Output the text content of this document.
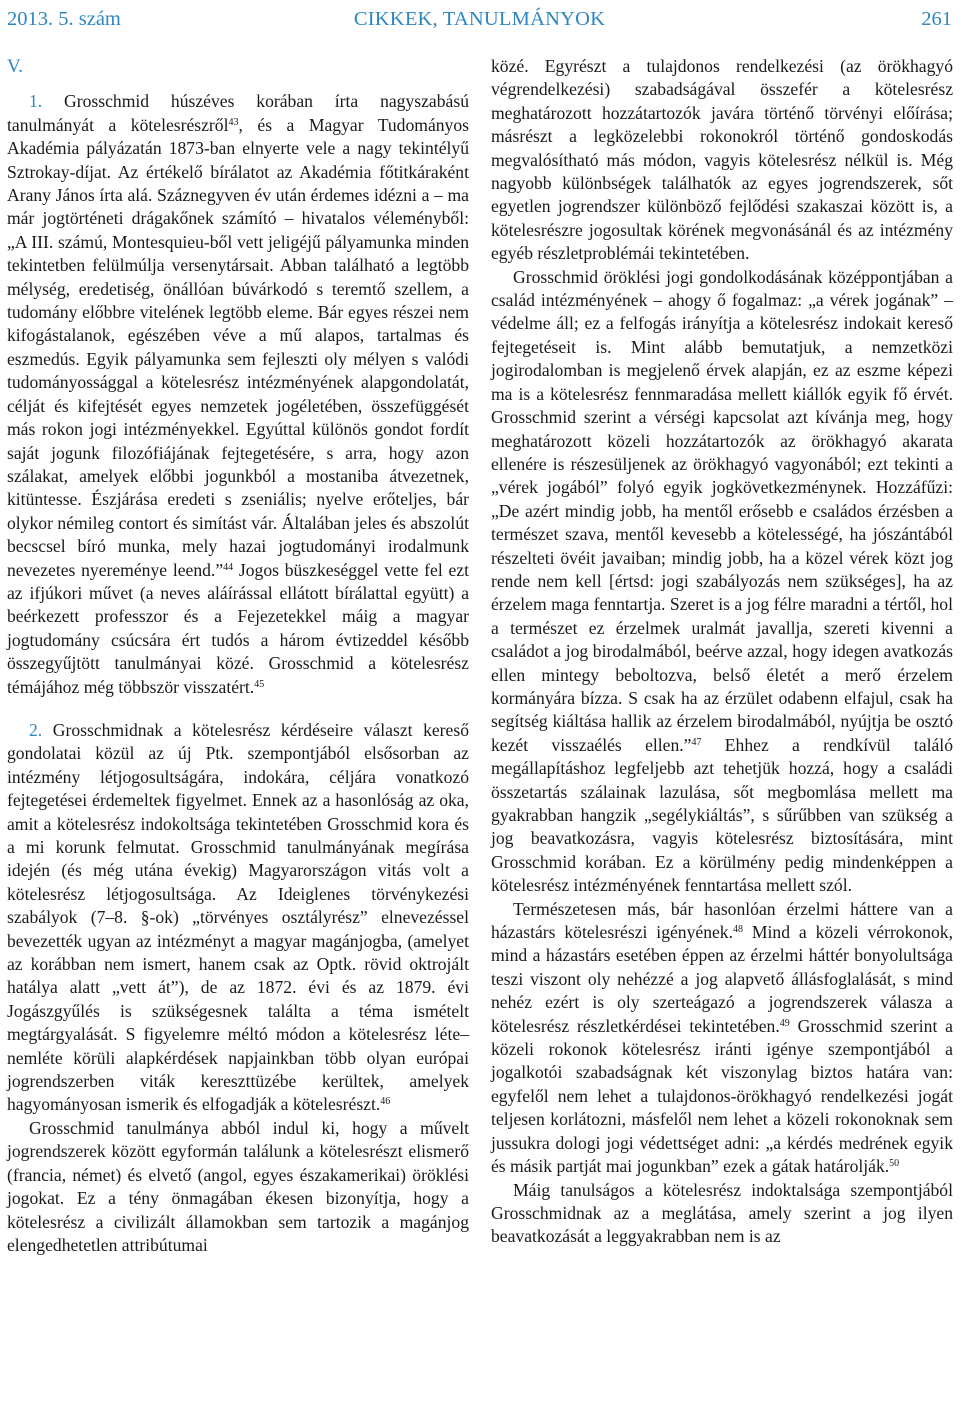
2013. 5. szám	CIKKEK, TANULMÁNYOK	261

V.

1. Grosschmid húszéves korában írta nagyszabású tanulmányát a kötelesrészről$^{43}$, és a Magyar Tudományos Akadémia pályázatán 1873-ban elnyerte vele a nagy tekintélyű Sztrokay-díjat. Az értékelő bírálatot az Akadémia főtitkáraként Arany János írta alá. Száznegyven év után érdemes idézni a – ma már jogtörténeti drágakőnek számító – hivatalos véleményből: „A III. számú, Montesquieu-ből vett jeligéjű pályamunka minden tekintetben felülmúlja versenytársait. Abban található a legtöbb mélység, eredetiség, önállóan búvárkodó s teremtő szellem, a tudomány előbbre vitelének legtöbb eleme. Bár egyes részei nem kifogástalanok, egészében véve a mű alapos, tartalmas és eszmedús. Egyik pályamunka sem fejleszti oly mélyen s valódi tudományossággal a kötelesrész intézményének alapgondolatát, célját és kifejtését egyes nemzetek jogéletében, összefüggését más rokon jogi intézményekkel. Egyúttal különös gondot fordít saját jogunk filozófiájának fejtegetésére, s arra, hogy azon szálakat, amelyek előbbi jogunkból a mostaniba átvezetnek, kitüntesse. Észjárása eredeti s zseniális; nyelve erőteljes, bár olykor némileg contort és simítást vár. Általában jeles és abszolút becscsel bíró munka, mely hazai jogtudományi irodalmunk nevezetes nyereménye leend.”$^{44}$ Jogos büszkeséggel vette fel ezt az ifjúkori művet (a neves aláírással ellátott bírálattal együtt) a beérkezett professzor és a Fejezetekkel máig a magyar jogtudomány csúcsára ért tudós a három évtizeddel később összegyűjtött tanulmányai közé. Grosschmid a kötelesrész témájához még többször visszatért.$^{45}$

2. Grosschmidnak a kötelesrész kérdéseire választ kereső gondolatai közül az új Ptk. szempontjából elsősorban az intézmény létjogosultságára, indokára, céljára vonatkozó fejtegetései érdemeltek figyelmet. Ennek az a hasonlóság az oka, amit a kötelesrész indokoltsága tekintetében Grosschmid kora és a mi korunk felmutat. Grosschmid tanulmányának megírása idején (és még utána évekig) Magyarországon vitás volt a kötelesrész létjogosultsága. Az Ideiglenes törvénykezési szabályok (7–8. §-ok) „törvényes osztályrész” elnevezéssel bevezették ugyan az intézményt a magyar magánjogba, (amelyet az korábban nem ismert, hanem csak az Optk. rövid oktrojált hatálya alatt „vett át”), de az 1872. évi és az 1879. évi Jogászgyűlés is szükségesnek találta a téma ismételt megtárgyalását. S figyelemre méltó módon a kötelesrész léte–nemléte körüli alapkérdések napjainkban több olyan európai jogrendszerben viták kereszttüzébe kerültek, amelyek hagyományosan ismerik és elfogadják a kötelesrészt.$^{46}$

Grosschmid tanulmánya abból indul ki, hogy a művelt jogrendszerek között egyformán találunk a kötelesrészt elismerő (francia, német) és elvető (angol, egyes északamerikai) öröklési jogokat. Ez a tény önmagában ékesen bizonyítja, hogy a kötelesrész a civilizált államokban sem tartozik a magánjog elengedhetetlen attribútumai

közé. Egyrészt a tulajdonos rendelkezési (az örökhagyó végrendelkezési) szabadságával összefér a kötelesrész meghatározott hozzátartozók javára történő törvényi előírása; másrészt a legközelebbi rokonokról történő gondoskodás megvalósítható más módon, vagyis kötelesrész nélkül is. Még nagyobb különbségek találhatók az egyes jogrendszerek, sőt egyetlen jogrendszer különböző fejlődési szakaszai között is, a kötelesrészre jogosultak körének megvonásánál és az intézmény egyéb részletproblémái tekintetében.

Grosschmid öröklési jogi gondolkodásának középpontjában a család intézményének – ahogy ő fogalmaz: „a vérek jogának” – védelme áll; ez a felfogás irányítja a kötelesrész indokait kereső fejtegetéseit is. Mint alább bemutatjuk, a nemzetközi jogirodalomban is megjelenő érvek alapján, ez az eszme képezi ma is a kötelesrész fennmaradása mellett kiállók egyik fő érvét. Grosschmid szerint a vérségi kapcsolat azt kívánja meg, hogy meghatározott közeli hozzátartozók az örökhagyó akarata ellenére is részesüljenek az örökhagyó vagyonából; ezt tekinti a „vérek jogából” folyó egyik jogkövetkezménynek. Hozzáfűzi: „De azért mindig jobb, ha mentől erősebb e családos érzésben a természet szava, mentől kevesebb a kötelességé, ha jószántából részelteti övéit javaiban; mindig jobb, ha a közel vérek közt jog rende nem kell [értsd: jogi szabályozás nem szükséges], ha az érzelem maga fenntartja. Szeret is a jog félre maradni a tértől, hol a természet ez érzelmek uralmát javallja, szereti kivenni a családot a jog birodalmából, beérve azzal, hogy idegen avatkozás ellen mintegy beboltozva, belső életét a merő érzelem kormányára bízza. S csak ha az érzület odabenn elfajul, csak ha segítség kiáltása hallik az érzelem birodalmából, nyújtja be osztó kezét visszaélés ellen.”$^{47}$ Ehhez a rendkívül találó megállapításhoz legfeljebb azt tehetjük hozzá, hogy a családi összetartás szálainak lazulása, sőt megbomlása mellett ma gyakrabban hangzik „segélykiáltás”, s sűrűbben van szükség a jog beavatkozásra, vagyis kötelesrész biztosítására, mint Grosschmid korában. Ez a körülmény pedig mindenképpen a kötelesrész intézményének fenntartása mellett szól.

Természetesen más, bár hasonlóan érzelmi háttere van a házastárs kötelesrészi igényének.$^{48}$ Mind a közeli vérrokonok, mind a házastárs esetében éppen az érzelmi háttér bonyolultsága teszi viszont oly nehézzé a jog alapvető állásfoglalását, s mind nehéz ezért is oly szerteágazó a jogrendszerek válasza a kötelesrész részletkérdései tekintetében.$^{49}$ Grosschmid szerint a közeli rokonok kötelesrész iránti igénye szempontjából a jogalkotói szabadságnak két viszonylag biztos határa van: egyfelől nem lehet a tulajdonos-örökhagyó rendelkezési jogát teljesen korlátozni, másfelől nem lehet a közeli rokonoknak sem jussukra dologi jogi védettséget adni: „a kérdés medrének egyik és másik partját mai jogunkban” ezek a gátak határolják.$^{50}$

Máig tanulságos a kötelesrész indoktalsága szempontjából Grosschmidnak az a meglátása, amely szerint a jog ilyen beavatkozását a leggyakrabban nem is az
